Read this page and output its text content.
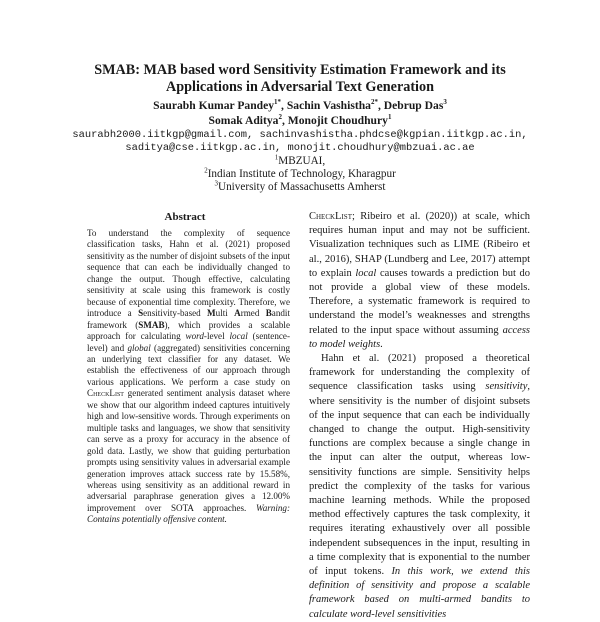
SMAB: MAB based word Sensitivity Estimation Framework and its
Applications in Adversarial Text Generation
Saurabh Kumar Pandey$^{1*}$, Sachin Vashistha$^{2*}$, Debrup Das$^3$
Somak Aditya$^2$, Monojit Choudhury$^1$
saurabh2000.iitkgp@gmail.com, sachinvashistha.phdcse@kgpian.iitkgp.ac.in,
saditya@cse.iitkgp.ac.in, monojit.choudhury@mbzuai.ac.ae
$^1$MBZUAI,
$^2$Indian Institute of Technology, Kharagpur
$^3$University of Massachusetts Amherst
Abstract

To understand the complexity of sequence classification tasks, Hahn et al. (2021) proposed sensitivity as the number of disjoint subsets of the input sequence that can each be individually changed to change the output. Though effective, calculating sensitivity at scale using this framework is costly because of exponential time complexity. Therefore, we introduce a Sensitivity-based Multi Armed Bandit framework (SMAB), which provides a scalable approach for calculating word-level local (sentence-level) and global (aggregated) sensitivities concerning an underlying text classifier for any dataset. We establish the effectiveness of our approach through various applications. We perform a case study on CheckList generated sentiment analysis dataset where we show that our algorithm indeed captures intuitively high and low-sensitive words. Through experiments on multiple tasks and languages, we show that sensitivity can serve as a proxy for accuracy in the absence of gold data. Lastly, we show that guiding perturbation prompts using sensitivity values in adversarial example generation improves attack success rate by 15.58%, whereas using sensitivity as an additional reward in adversarial paraphrase generation gives a 12.00% improvement over SOTA approaches. Warning: Contains potentially offensive content.

CheckList; Ribeiro et al. (2020)) at scale, which requires human input and may not be sufficient. Visualization techniques such as LIME (Ribeiro et al., 2016), SHAP (Lundberg and Lee, 2017) attempt to explain local causes towards a prediction but do not provide a global view of these models. Therefore, a systematic framework is required to understand the model’s weaknesses and strengths related to the input space without assuming access to model weights.

Hahn et al. (2021) proposed a theoretical framework for understanding the complexity of sequence classification tasks using sensitivity, where sensitivity is the number of disjoint subsets of the input sequence that can each be individually changed to change the output. High-sensitivity functions are complex because a single change in the input can alter the output, whereas low-sensitivity functions are simple. Sensitivity helps predict the complexity of the tasks for various machine learning methods. While the proposed method effectively captures the task complexity, it requires iterating exhaustively over all possible independent subsequences in the input, resulting in a time complexity that is exponential to the number of input tokens. In this work, we extend this definition of sensitivity and propose a scalable framework based on multi-armed bandits to calculate word-level sensitivities
